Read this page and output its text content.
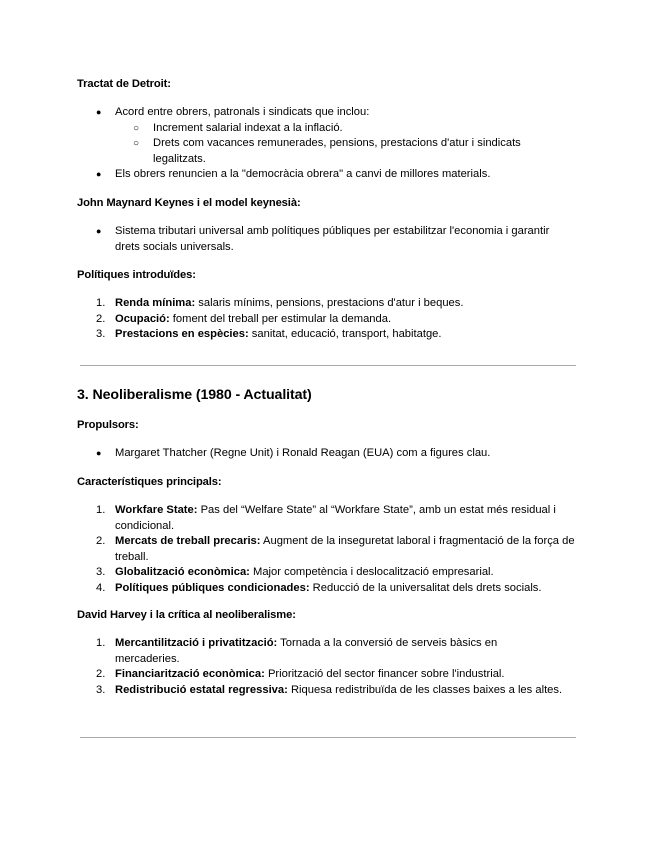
Tractat de Detroit:
● Acord entre obrers, patronals i sindicats que inclou:
○ Increment salarial indexat a la inflació.
○ Drets com vacances remunerades, pensions, prestacions d'atur i sindicats legalitzats.
● Els obrers renuncien a la "democràcia obrera" a canvi de millores materials.
John Maynard Keynes i el model keynesià:
● Sistema tributari universal amb polítiques públiques per estabilitzar l'economia i garantir drets socials universals.
Polítiques introduïdes:
1. Renda mínima: salaris mínims, pensions, prestacions d'atur i beques.
2. Ocupació: foment del treball per estimular la demanda.
3. Prestacions en espècies: sanitat, educació, transport, habitatge.
3. Neoliberalisme (1980 - Actualitat)
Propulsors:
● Margaret Thatcher (Regne Unit) i Ronald Reagan (EUA) com a figures clau.
Característiques principals:
1. Workfare State: Pas del “Welfare State” al “Workfare State”, amb un estat més residual i condicional.
2. Mercats de treball precaris: Augment de la inseguretat laboral i fragmentació de la força de treball.
3. Globalització econòmica: Major competència i deslocalització empresarial.
4. Polítiques públiques condicionades: Reducció de la universalitat dels drets socials.
David Harvey i la crítica al neoliberalisme:
1. Mercantilització i privatització: Tornada a la conversió de serveis bàsics en mercaderies.
2. Financiarització econòmica: Priorització del sector financer sobre l'industrial.
3. Redistribució estatal regressiva: Riquesa redistribuïda de les classes baixes a les altes.
